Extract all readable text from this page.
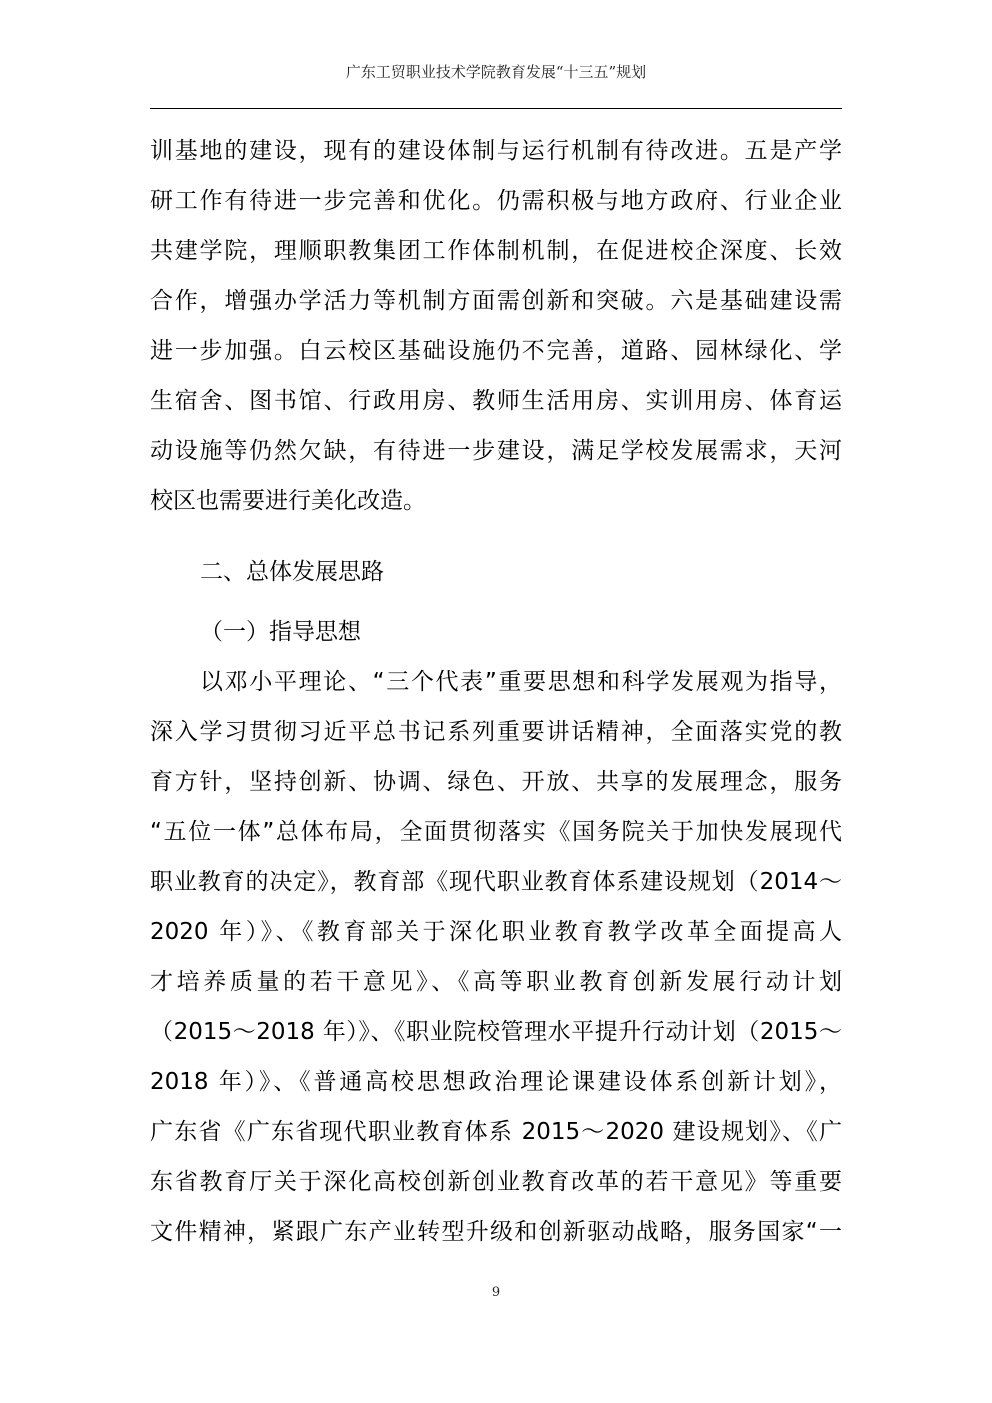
广东工贸职业技术学院教育发展“十三五”规划
训基地的建设，现有的建设体制与运行机制有待改进。五是产学
研工作有待进一步完善和优化。仍需积极与地方政府、行业企业
共建学院，理顺职教集团工作体制机制，在促进校企深度、长效
合作，增强办学活力等机制方面需创新和突破。六是基础建设需
进一步加强。白云校区基础设施仍不完善，道路、园林绿化、学
生宿舍、图书馆、行政用房、教师生活用房、实训用房、体育运
动设施等仍然欠缺，有待进一步建设，满足学校发展需求，天河
校区也需要进行美化改造。
二、总体发展思路
（一）指导思想
以邓小平理论、“三个代表”重要思想和科学发展观为指导，
深入学习贯彻习近平总书记系列重要讲话精神，全面落实党的教
育方针，坚持创新、协调、绿色、开放、共享的发展理念，服务
“五位一体”总体布局，全面贯彻落实《国务院关于加快发展现代
职业教育的决定》，教育部《现代职业教育体系建设规划（2014～
2020 年）》、《教育部关于深化职业教育教学改革全面提高人
才培养质量的若干意见》、《高等职业教育创新发展行动计划
（2015～2018 年）》、《职业院校管理水平提升行动计划（2015～
2018 年）》、《普通高校思想政治理论课建设体系创新计划》，
广东省《广东省现代职业教育体系 2015～2020 建设规划》、《广
东省教育厅关于深化高校创新创业教育改革的若干意见》等重要
文件精神，紧跟广东产业转型升级和创新驱动战略，服务国家“一
9
